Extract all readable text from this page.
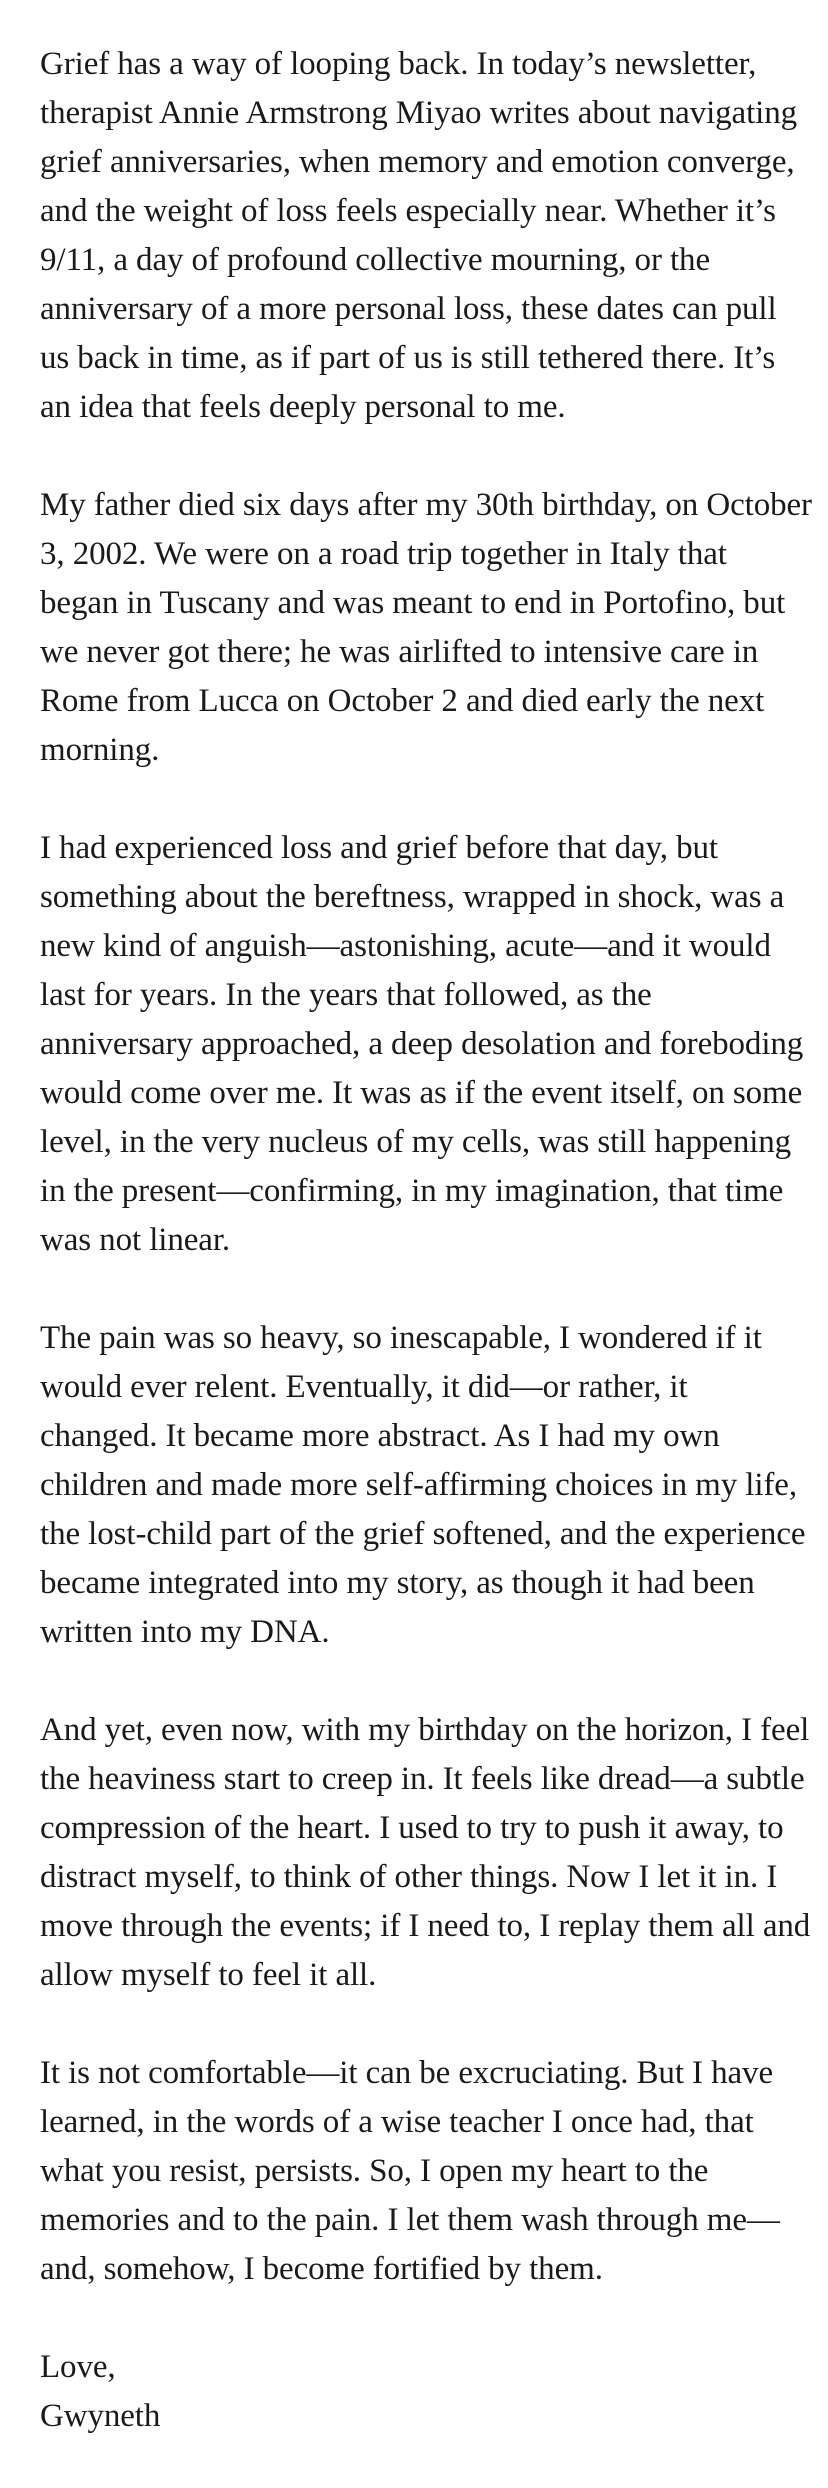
Grief has a way of looping back. In today’s newsletter, therapist Annie Armstrong Miyao writes about navigating grief anniversaries, when memory and emotion converge, and the weight of loss feels especially near. Whether it’s 9/11, a day of profound collective mourning, or the anniversary of a more personal loss, these dates can pull us back in time, as if part of us is still tethered there. It’s an idea that feels deeply personal to me.

My father died six days after my 30th birthday, on October 3, 2002. We were on a road trip together in Italy that began in Tuscany and was meant to end in Portofino, but we never got there; he was airlifted to intensive care in Rome from Lucca on October 2 and died early the next morning.

I had experienced loss and grief before that day, but something about the bereftness, wrapped in shock, was a new kind of anguish—astonishing, acute—and it would last for years. In the years that followed, as the anniversary approached, a deep desolation and foreboding would come over me. It was as if the event itself, on some level, in the very nucleus of my cells, was still happening in the present—confirming, in my imagination, that time was not linear.

The pain was so heavy, so inescapable, I wondered if it would ever relent. Eventually, it did—or rather, it changed. It became more abstract. As I had my own children and made more self-affirming choices in my life, the lost-child part of the grief softened, and the experience became integrated into my story, as though it had been written into my DNA.

And yet, even now, with my birthday on the horizon, I feel the heaviness start to creep in. It feels like dread—a subtle compression of the heart. I used to try to push it away, to distract myself, to think of other things. Now I let it in. I move through the events; if I need to, I replay them all and allow myself to feel it all.

It is not comfortable—it can be excruciating. But I have learned, in the words of a wise teacher I once had, that what you resist, persists. So, I open my heart to the memories and to the pain. I let them wash through me—and, somehow, I become fortified by them.

Love,
Gwyneth
